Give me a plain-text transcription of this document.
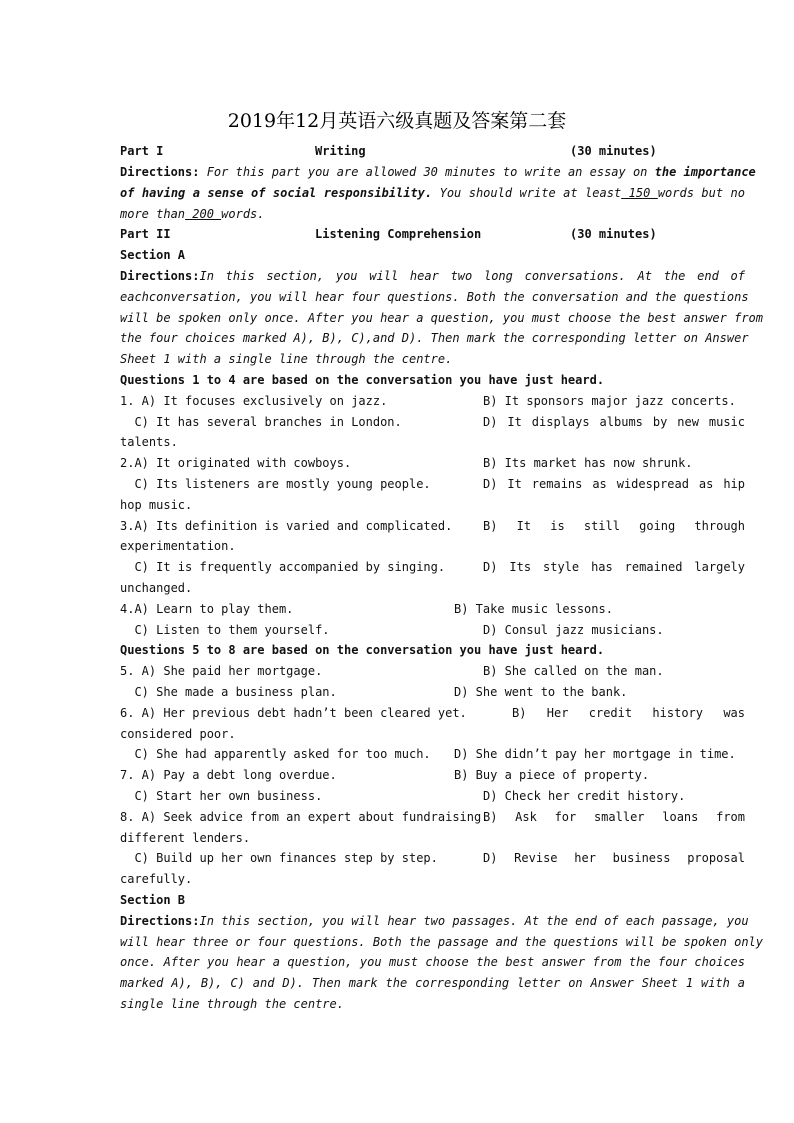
2019年12月英语六级真题及答案第二套
Part I	Writing	(30 minutes)
Directions: For this part you are allowed 30 minutes to write an essay on the importance
of having a sense of social responsibility. You should write at least 150 words but no
more than 200 words.
Part II	Listening Comprehension	(30 minutes)
Section A
Directions:In this section, you will hear two long conversations. At the end of
eachconversation, you will hear four questions. Both the conversation and the questions
will be spoken only once. After you hear a question, you must choose the best answer from
the four choices marked A), B), C),and D). Then mark the corresponding letter on Answer
Sheet 1 with a single line through the centre.
Questions 1 to 4 are based on the conversation you have just heard.
1. A) It focuses exclusively on jazz.	B) It sponsors major jazz concerts.
C) It has several branches in London.	D) It displays albums by new music
talents.
2.A) It originated with cowboys.	B) Its market has now shrunk.
C) Its listeners are mostly young people.	D) It remains as widespread as hip
hop music.
3.A) Its definition is varied and complicated.	B) It is still going through
experimentation.
C) It is frequently accompanied by singing.	D) Its style has remained largely
unchanged.
4.A) Learn to play them.	B) Take music lessons.
C) Listen to them yourself.	D) Consul jazz musicians.
Questions 5 to 8 are based on the conversation you have just heard.
5. A) She paid her mortgage.	B) She called on the man.
C) She made a business plan.	D) She went to the bank.
6. A) Her previous debt hadn’t been cleared yet.	B) Her credit history was
considered poor.
C) She had apparently asked for too much. D) She didn’t pay her mortgage in time.
7. A) Pay a debt long overdue.	B) Buy a piece of property.
C) Start her own business.	D) Check her credit history.
8. A) Seek advice from an expert about fundraising.
B) Ask for smaller loans from
different lenders.
C) Build up her own finances step by step.	D) Revise her business proposal
carefully.
Section B
Directions:In this section, you will hear two passages. At the end of each passage, you
will hear three or four questions. Both the passage and the questions will be spoken only
once. After you hear a question, you must choose the best answer from the four choices
marked A), B), C) and D). Then mark the corresponding letter on Answer Sheet 1 with a
single line through the centre.
